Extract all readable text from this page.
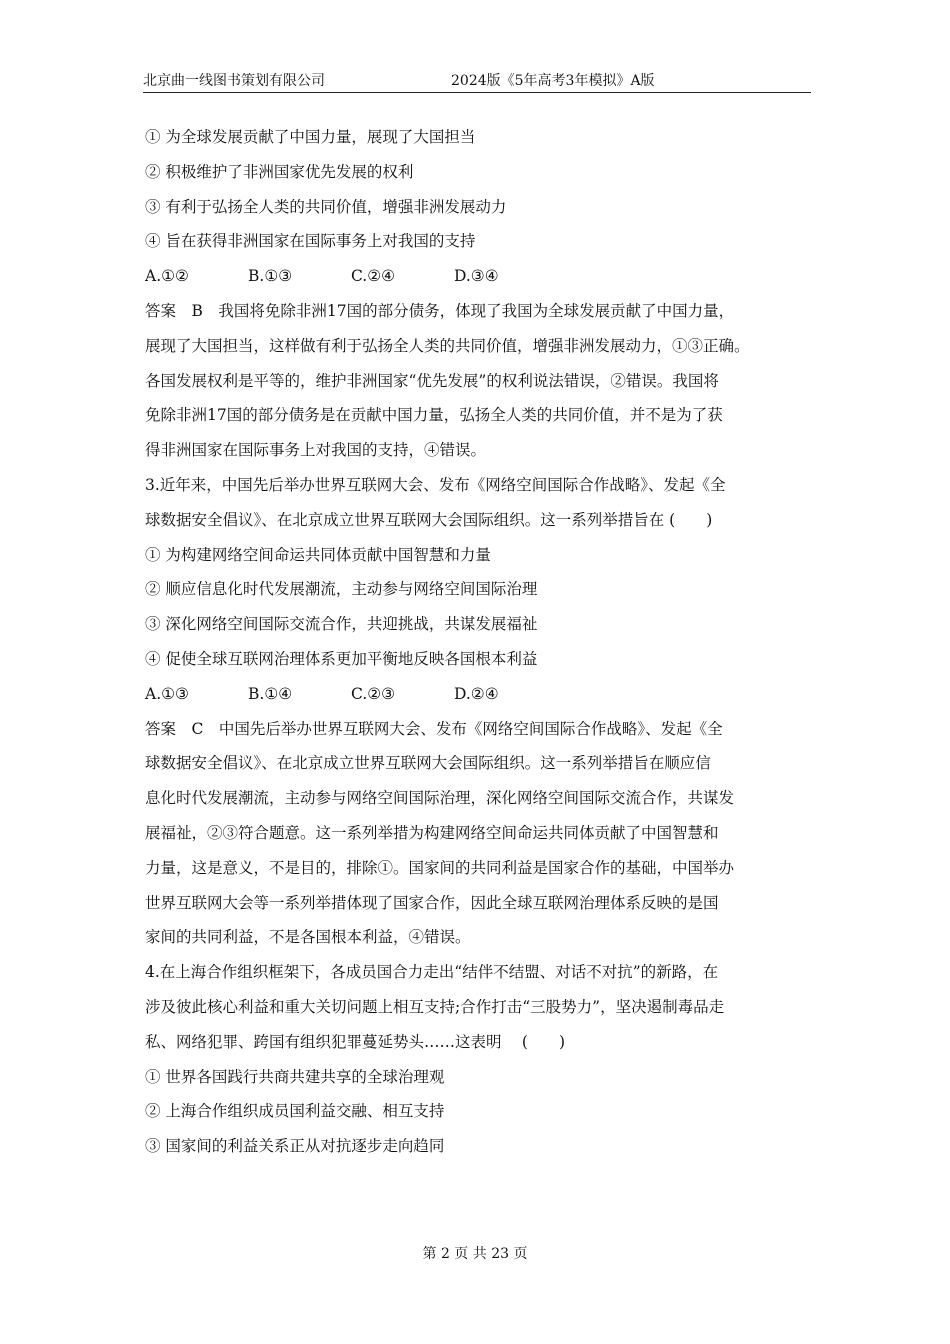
北京曲一线图书策划有限公司	2024版《5年高考3年模拟》A版
① 为全球发展贡献了中国力量，展现了大国担当
② 积极维护了非洲国家优先发展的权利
③ 有利于弘扬全人类的共同价值，增强非洲发展动力
④ 旨在获得非洲国家在国际事务上对我国的支持
A.①②	B.①③	C.②④	D.③④
答案　B　我国将免除非洲17国的部分债务，体现了我国为全球发展贡献了中国力量，
展现了大国担当，这样做有利于弘扬全人类的共同价值，增强非洲发展动力，①③正确。
各国发展权利是平等的，维护非洲国家“优先发展”的权利说法错误，②错误。我国将
免除非洲17国的部分债务是在贡献中国力量，弘扬全人类的共同价值，并不是为了获
得非洲国家在国际事务上对我国的支持，④错误。
3.近年来，中国先后举办世界互联网大会、发布《网络空间国际合作战略》、发起《全
球数据安全倡议》、在北京成立世界互联网大会国际组织。这一系列举措旨在 (　　)
① 为构建网络空间命运共同体贡献中国智慧和力量
② 顺应信息化时代发展潮流，主动参与网络空间国际治理
③ 深化网络空间国际交流合作，共迎挑战，共谋发展福祉
④ 促使全球互联网治理体系更加平衡地反映各国根本利益
A.①③	B.①④	C.②③	D.②④
答案　C　中国先后举办世界互联网大会、发布《网络空间国际合作战略》、发起《全
球数据安全倡议》、在北京成立世界互联网大会国际组织。这一系列举措旨在顺应信
息化时代发展潮流，主动参与网络空间国际治理，深化网络空间国际交流合作，共谋发
展福祉，②③符合题意。这一系列举措为构建网络空间命运共同体贡献了中国智慧和
力量，这是意义，不是目的，排除①。国家间的共同利益是国家合作的基础，中国举办
世界互联网大会等一系列举措体现了国家合作，因此全球互联网治理体系反映的是国
家间的共同利益，不是各国根本利益，④错误。
4.在上海合作组织框架下，各成员国合力走出“结伴不结盟、对话不对抗”的新路，在
涉及彼此核心利益和重大关切问题上相互支持;合作打击“三股势力”，坚决遏制毒品走
私、网络犯罪、跨国有组织犯罪蔓延势头……这表明　 (　　)
① 世界各国践行共商共建共享的全球治理观
② 上海合作组织成员国利益交融、相互支持
③ 国家间的利益关系正从对抗逐步走向趋同
第 2 页 共 23 页
